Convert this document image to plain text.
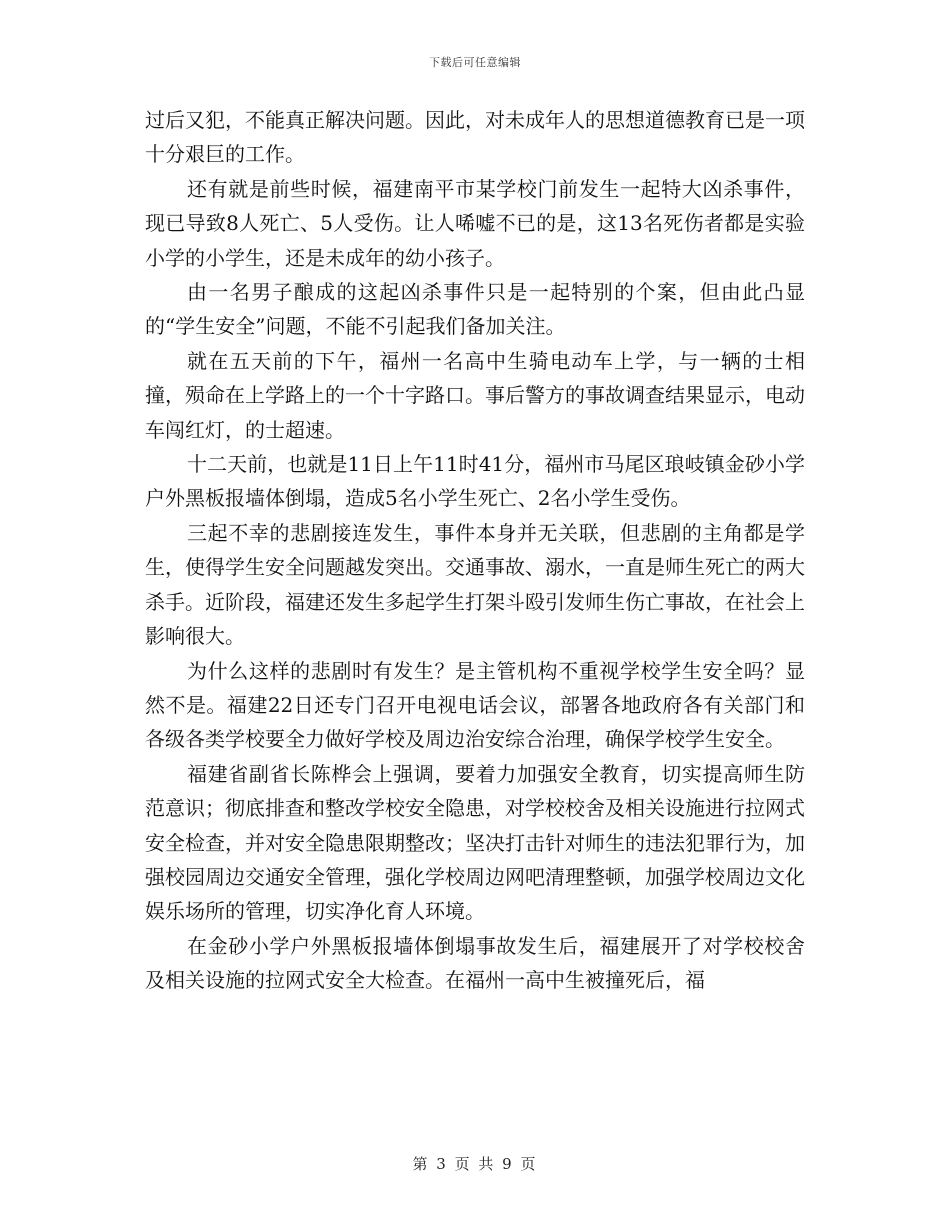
下载后可任意编辑

过后又犯，不能真正解决问题。因此，对未成年人的思想道德教育已是一项十分艰巨的工作。

还有就是前些时候，福建南平市某学校门前发生一起特大凶杀事件，现已导致8人死亡、5人受伤。让人唏嘘不已的是，这13名死伤者都是实验小学的小学生，还是未成年的幼小孩子。

由一名男子酿成的这起凶杀事件只是一起特别的个案，但由此凸显的“学生安全”问题，不能不引起我们备加关注。

就在五天前的下午，福州一名高中生骑电动车上学，与一辆的士相撞，殒命在上学路上的一个十字路口。事后警方的事故调查结果显示，电动车闯红灯，的士超速。

十二天前，也就是11日上午11时41分，福州市马尾区琅岐镇金砂小学户外黑板报墙体倒塌，造成5名小学生死亡、2名小学生受伤。

三起不幸的悲剧接连发生，事件本身并无关联，但悲剧的主角都是学生，使得学生安全问题越发突出。交通事故、溺水，一直是师生死亡的两大杀手。近阶段，福建还发生多起学生打架斗殴引发师生伤亡事故，在社会上影响很大。

为什么这样的悲剧时有发生？是主管机构不重视学校学生安全吗？显然不是。福建22日还专门召开电视电话会议，部署各地政府各有关部门和各级各类学校要全力做好学校及周边治安综合治理，确保学校学生安全。

福建省副省长陈桦会上强调，要着力加强安全教育，切实提高师生防范意识；彻底排查和整改学校安全隐患，对学校校舍及相关设施进行拉网式安全检查，并对安全隐患限期整改；坚决打击针对师生的违法犯罪行为，加强校园周边交通安全管理，强化学校周边网吧清理整顿，加强学校周边文化娱乐场所的管理，切实净化育人环境。

在金砂小学户外黑板报墙体倒塌事故发生后，福建展开了对学校校舍及相关设施的拉网式安全大检查。在福州一高中生被撞死后，福

第 3 页 共 9 页
